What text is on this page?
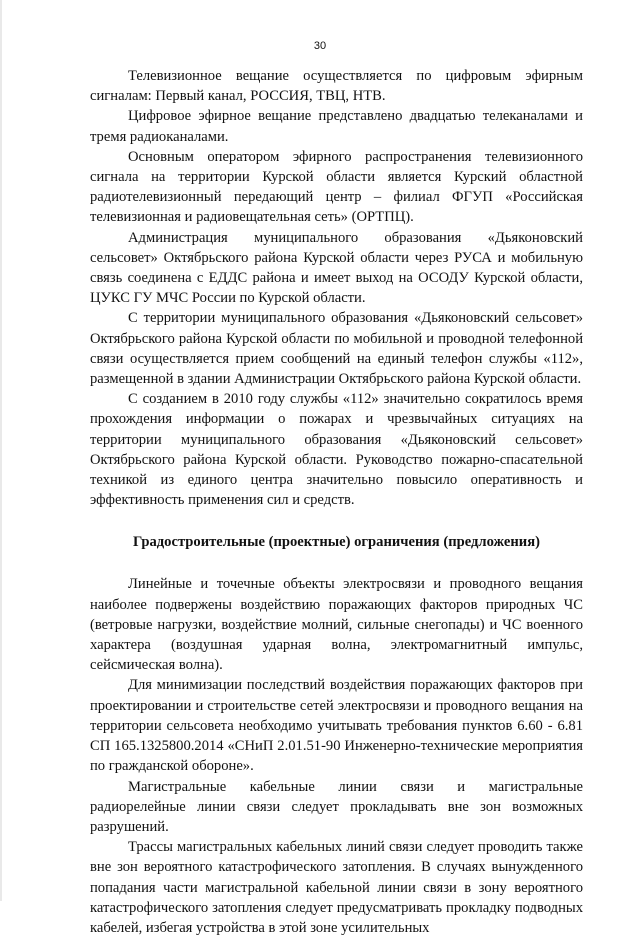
30

Телевизионное вещание осуществляется по цифровым эфирным сигналам: Первый канал, РОССИЯ, ТВЦ, НТВ.

Цифровое эфирное вещание представлено двадцатью телеканалами и тремя радиоканалами.

Основным оператором эфирного распространения телевизионного сигнала на территории Курской области является Курский областной радиотелевизионный передающий центр – филиал ФГУП «Российская телевизионная и радиовещательная сеть» (ОРТПЦ).

Администрация муниципального образования «Дьяконовский сельсовет» Октябрьского района Курской области через РУСА и мобильную связь соединена с ЕДДС района и имеет выход на ОСОДУ Курской области, ЦУКС ГУ МЧС России по Курской области.

С территории муниципального образования «Дьяконовский сельсовет» Октябрьского района Курской области по мобильной и проводной телефонной связи осуществляется прием сообщений на единый телефон службы «112», размещенной в здании Администрации Октябрьского района Курской области.

С созданием в 2010 году службы «112» значительно сократилось время прохождения информации о пожарах и чрезвычайных ситуациях на территории муниципального образования «Дьяконовский сельсовет» Октябрьского района Курской области. Руководство пожарно-спасательной техникой из единого центра значительно повысило оперативность и эффективность применения сил и средств.

Градостроительные (проектные) ограничения (предложения)

Линейные и точечные объекты электросвязи и проводного вещания наиболее подвержены воздействию поражающих факторов природных ЧС (ветровые нагрузки, воздействие молний, сильные снегопады) и ЧС военного характера (воздушная ударная волна, электромагнитный импульс, сейсмическая волна).

Для минимизации последствий воздействия поражающих факторов при проектировании и строительстве сетей электросвязи и проводного вещания на территории сельсовета необходимо учитывать требования пунктов 6.60 - 6.81 СП 165.1325800.2014 «СНиП 2.01.51-90 Инженерно-технические мероприятия по гражданской обороне».

Магистральные кабельные линии связи и магистральные радиорелейные линии связи следует прокладывать вне зон возможных разрушений.

Трассы магистральных кабельных линий связи следует проводить также вне зон вероятного катастрофического затопления. В случаях вынужденного попадания части магистральной кабельной линии связи в зону вероятного катастрофического затопления следует предусматривать прокладку подводных кабелей, избегая устройства в этой зоне усилительных
